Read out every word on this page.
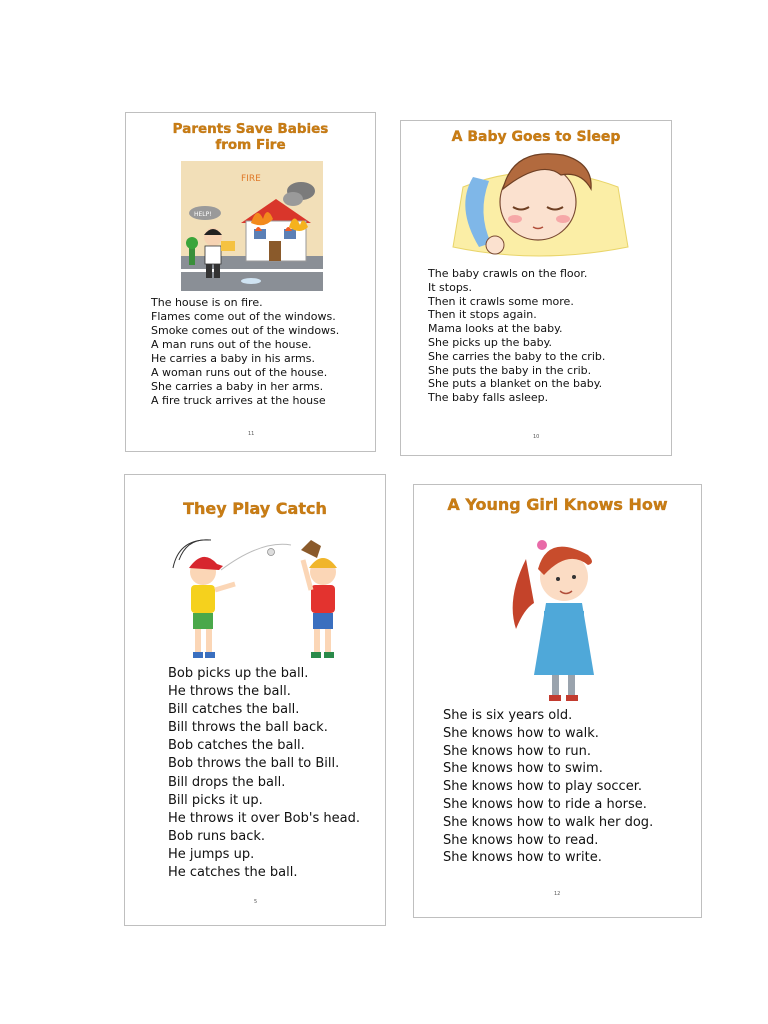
Parents Save Babies
from Fire
FIRE
HELP!
The house is on fire.
Flames come out of the windows.
Smoke comes out of the windows.
A man runs out of the house.
He carries a baby in his arms.
A woman runs out of the house.
She carries a baby in her arms.
A fire truck arrives at the house
11
A Baby Goes to Sleep
The baby crawls on the floor.
It stops.
Then it crawls some more.
Then it stops again.
Mama looks at the baby.
She picks up the baby.
She carries the baby to the crib.
She puts the baby in the crib.
She puts a blanket on the baby.
The baby falls asleep.
10
They Play Catch
Bob picks up the ball.
He throws the ball.
Bill catches the ball.
Bill throws the ball back.
Bob catches the ball.
Bob throws the ball to Bill.
Bill drops the ball.
Bill picks it up.
He throws it over Bob's head.
Bob runs back.
He jumps up.
He catches the ball.
5
A Young Girl Knows How
She is six years old.
She knows how to walk.
She knows how to run.
She knows how to swim.
She knows how to play soccer.
She knows how to ride a horse.
She knows how to walk her dog.
She knows how to read.
She knows how to write.
12
